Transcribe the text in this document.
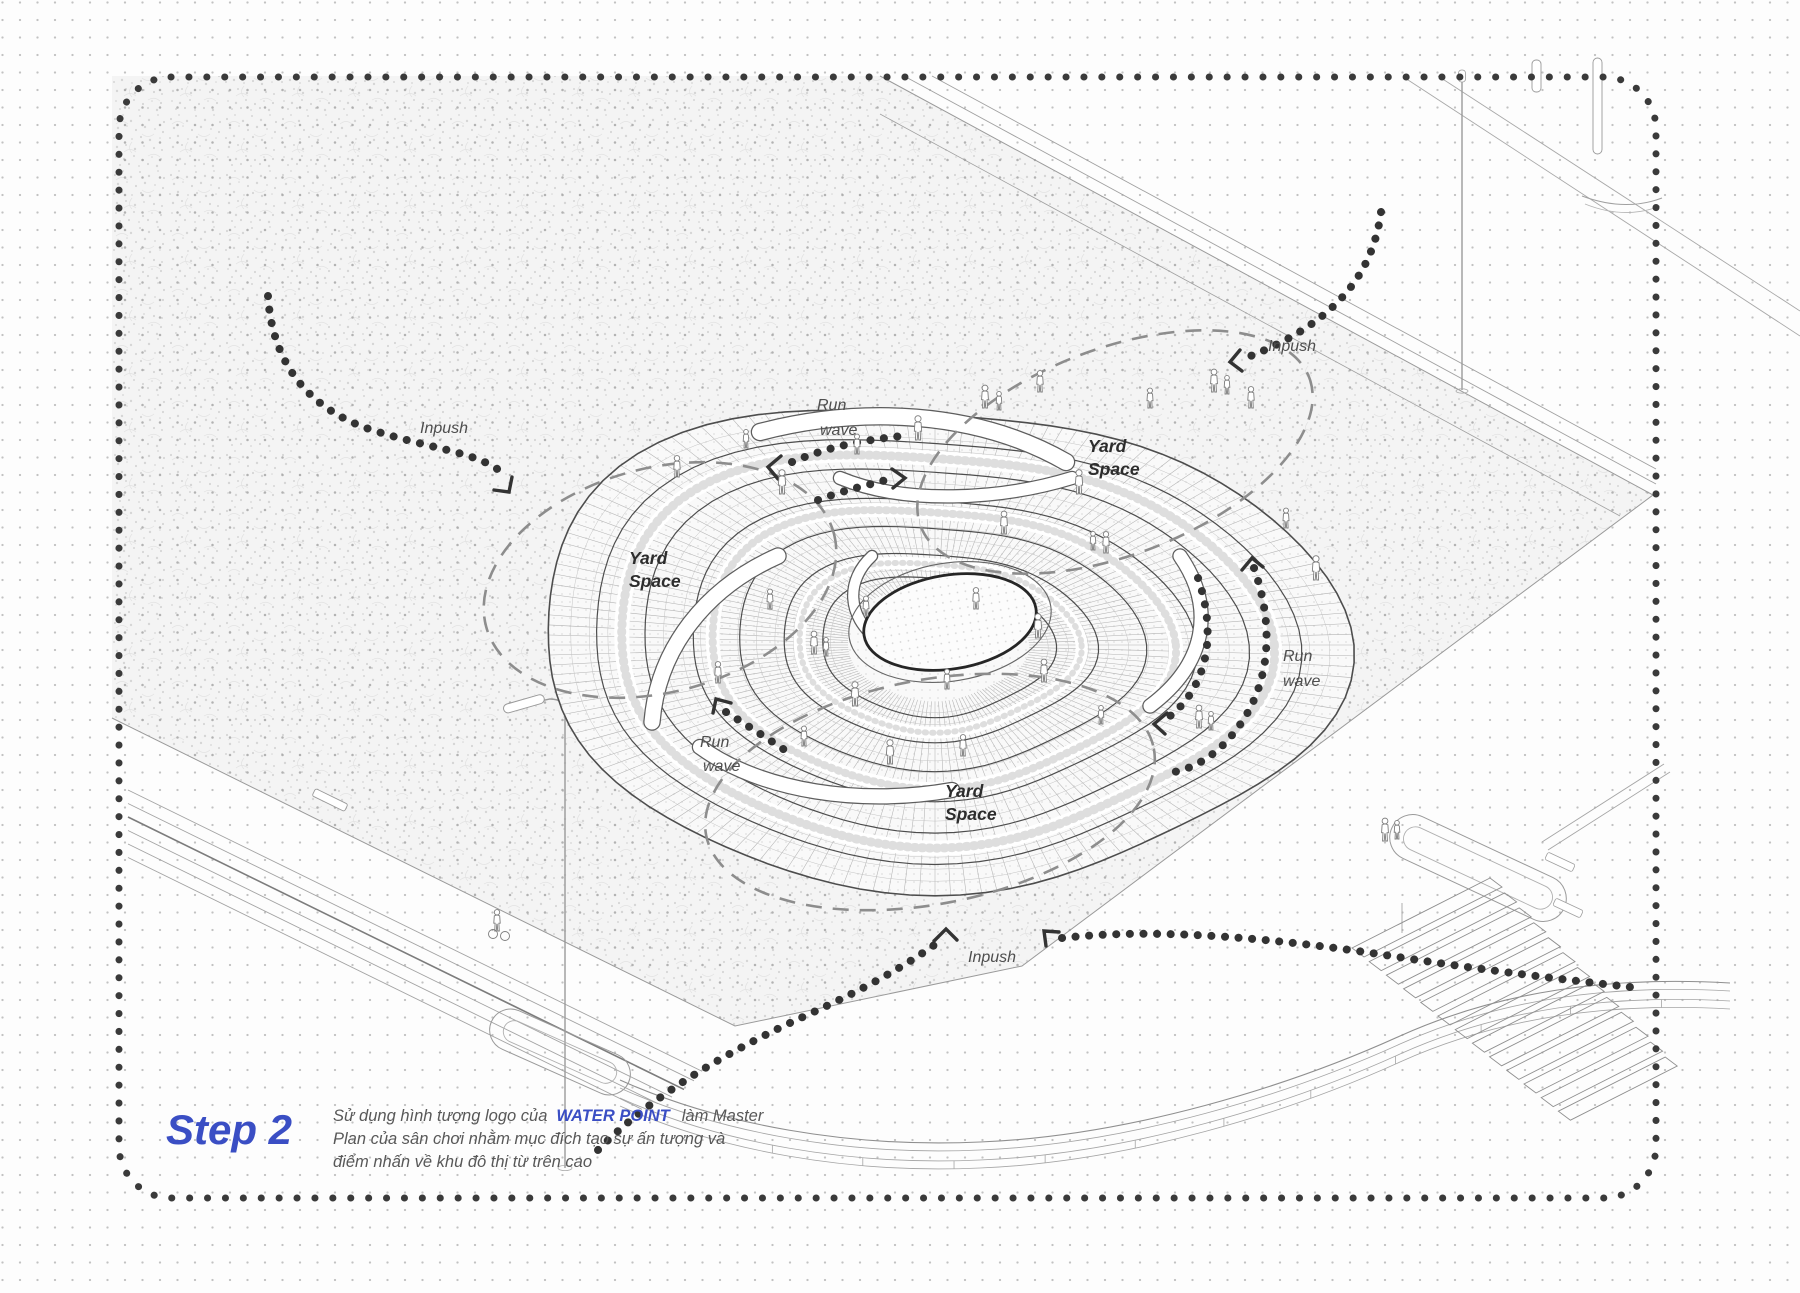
Inpush
Inpush
Inpush
Run
wave
Run
wave
Run
wave
Yard
Space
Yard
Space
Yard
Space
Step 2 Sử dụng hình tượng logo của WATER POINT làm Master
Plan của sân chơi nhằm mục đích tạo sự ấn tượng và
điểm nhấn về khu đô thị từ trên cao
